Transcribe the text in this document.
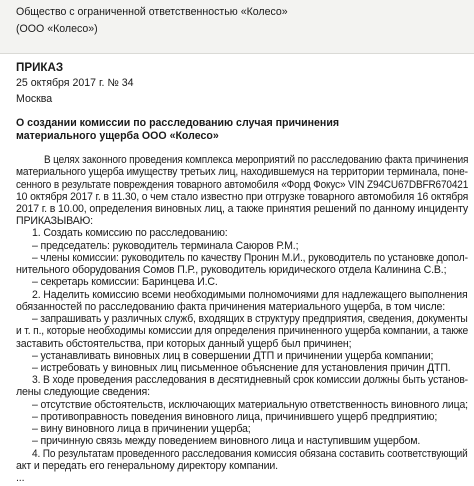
Общество с ограниченной ответственностью «Колесо»
(ООО «Колесо»)
ПРИКАЗ
25 октября 2017 г. № 34
Москва
О создании комиссии по расследованию случая причинения
материального ущерба ООО «Колесо»
В целях законного проведения комплекса мероприятий по расследованию факта причинения
материального ущерба имуществу третьих лиц, находившемуся на территории терминала, поне-
сенного в результате повреждения товарного автомобиля «Форд Фокус» VIN Z94CU67DBFR670421
10 октября 2017 г. в 11.30, о чем стало известно при отгрузке товарного автомобиля 16 октября
2017 г. в 10.00, определения виновных лиц, а также принятия решений по данному инциденту
ПРИКАЗЫВАЮ:
1. Создать комиссию по расследованию:
– председатель: руководитель терминала Саюров Р.М.;
– члены комиссии: руководитель по качеству Пронин М.И., руководитель по установке допол-
нительного оборудования Сомов П.Р., руководитель юридического отдела Калинина С.В.;
– секретарь комиссии: Баринцева И.С.
2. Наделить комиссию всеми необходимыми полномочиями для надлежащего выполнения
обязанностей по расследованию факта причинения материального ущерба, в том числе:
– запрашивать у различных служб, входящих в структуру предприятия, сведения, документы
и т. п., которые необходимы комиссии для определения причиненного ущерба компании, а также
заставить обстоятельства, при которых данный ущерб был причинен;
– устанавливать виновных лиц в совершении ДТП и причинении ущерба компании;
– истребовать у виновных лиц письменное объяснение для установления причин ДТП.
3. В ходе проведения расследования в десятидневный срок комиссии должны быть установ-
лены следующие сведения:
– отсутствие обстоятельств, исключающих материальную ответственность виновного лица;
– противоправность поведения виновного лица, причинившего ущерб предприятию;
– вину виновного лица в причинении ущерба;
– причинную связь между поведением виновного лица и наступившим ущербом.
4. По результатам проведенного расследования комиссия обязана составить соответствующий
акт и передать его генеральному директору компании.
...
